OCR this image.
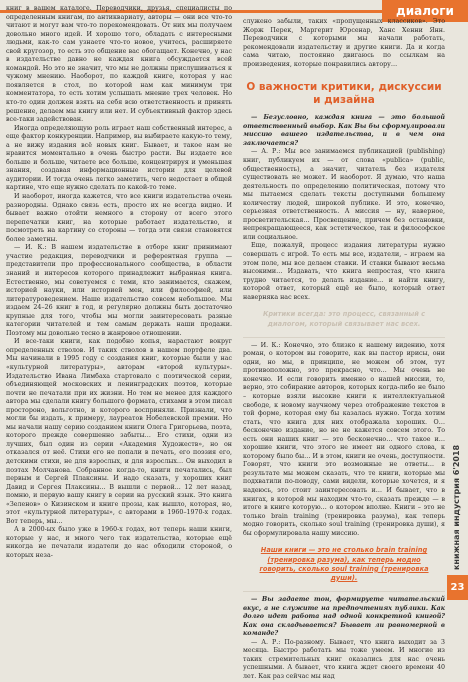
диалоги

книг в вашем каталоге. Переводчики, друзья, специалисты по определенным книгам, по антиквариату, авторы — они все что-то читают и могут вам что-то порекомендовать. От них мы получаем довольно много идей. И хорошо того, обладать с интересными людьми, как-то сам узнаете что-то новое, учитесь, расширяете свой кругозор, то есть это общение вас обогащает. Конечно, у нас в издательстве давно не каждая книга обсуждается всей командой. Но это не значит, что мы не должны прислушиваться к чужому мнению. Наоборот, по каждой книге, которая у нас появляется в стол, по которой нам как минимум три комментатора, то есть хотим услышать мнение трех человек. Но кто-то один должен взять на себя всю ответственность и принять решение, делаем мы книгу или нет. И субъективный фактор здесь все-таки задействован.

Иногда определяющую роль играет наш собственный интерес, а еще фактор конкуренции. Например, вы выбираете какую-то тему, а не вижу издания всё новых книг. Бывает, и такое нам не нравится моментально в очень быстро расти. Вы издаете все больше и больше, читаете все больше, концентрируя и уменьшая знания, создавая информационные истории для целевой аудитории. И тогда очень легко заметить, чего недостает в общей картине, что еще нужно сделать по какой-то теме.

И наоборот, иногда кажется, что все книги издательства очень разнородны. Однако связь есть, просто их не всегда видно. И бывает важно отойти немного в сторону от всего этого перепечатки книг, на которые работает издательство, и посмотреть на картину со стороны — тогда эти связи становятся более заметны.

— И. К.: В нашем издательстве в отборе книг принимают участие редакция, переводчики и референтная группа — представители про профессионального сообщества, в области знаний и интересов которого принадлежит выбранная книга. Естественно, мы советуемся с теми, кто занимается, скажем, историей науки, или историей мен, или философией, или литературоведением. Наше издательство совсем небольшое. Мы издаем 24–26 книг в год, и регулярно должны быть достаточно крупные для того, чтобы мы могли заинтересовать разные категории читателей и тем самым держать наши продажи. Поэтому мы довольно тесно в жанровое отношении.

И все-таки книги, как подобно копья, нарастают вокруг определенных стволов. И таких стволов в нашем портфеле два. Мы начинали в 1995 году с создания книг, которые были у нас «культурной литературы», авторам «второй культуры». Издательство Ивана Лимбаха стартовало с поэтической серии, объединяющей московских и ленинградских поэтов, которые почти не печатали при их жизни. Но тем не менее для каждого автора мы сделали книгу большого формата, стихами в этом писал простороно, вольготно, и которого восприняли. Признали, что могли бы издать, к примеру, лауреатов Нобелевской премии. Но мы начали нашу серию созданием книги Олега Григорьева, поэта, которого прежде совершенно забыты… Его стихи, одни из лучших, был один из серии «Академия Художеств», но он отказался от неё. Стихи его не попали в печать, его поэзия его, детскими стихи, не для взрослых, и для взрослых… Он выходил в поэтах Молчанова. Собранное когда-то, книги печатались, был первым и Сергей Плаксины. И надо сказать, у хороших книг Давид и Сергея Плаксины… В вышли с первой... 12 лет назад, помню, и первую вашу книгу в серии на русский язык. Это книга «Зеленов» о Кизинском и книге прозы, как вышло, которая, но, этот «культурной литературы», с авторами в 1960–1970-х годах. Вот теперь, мы...

А в 2000-ых было уже в 1960-х годах, вот теперь наши книги, которые у нас, и много чего так издательства, которые ещё никогда не печатали издатели до нас обходили стороной, о которых неза-

служено забыли, таких «пропущенных классиков». Это Жорж Перек, Маргерит Юрсенар, Ханс Хенни Янн. Переводчики с которыми мы начали работать, рекомендовали издательству и другие книги. Да и когда сама читаю, постоянно двигаюсь по ссылкам на произведения, которые понравились автору…

О важности критики, дискуссии и дизайна

— Безусловно, каждая книга — это большой ответственный выбор. Как Вы бы сформулировали миссию вашего издательства, и в чем она заключается?

— А. Р.: Мы все занимаемся публикацией (publishing) книг, публикуем их — от слова «publica» (public, общественность), а значит, читатель без издателя существовать не может. И наоборот. Я думаю, что наша деятельность по определению политическая, потому что мы пытаемся сделать тексты доступными большему количеству людей, широкой публике. И это, конечно, серьезная ответственность. А миссия — ну, наверное, просветительская… Просвещение, причем без остановки, непрекращающееся, как эстетическое, так и философское или социальное.

Еще, пожалуй, процесс издания литературы нужно совершать с игрой. То есть мы все, издатели, – играем на этом поле, мы все делаем ставки. И ставки бывают весьма высокими… Издавать, что книга непростая, что книга трудно читается, то делать издание… и найти книгу, которой ответ, который ещё не было, который ответ наверняка нас всех.

Критики всегда: это процесс, связанный с диалогом, который связывает нас всех.

— И. К.: Конечно, это близко к нашему видению, хотя роман, о котором вы говорите, как вы пастор ирисы, они одни, но мы, в принципе, не можем об этом, тут противоположно, это прекрасно, что… Мы очень не конечно. И если говорить именно о нашей миссии, то, верно, это собирание авторов, которых когда-либо не было – которые взяли высокие книги к интеллектуальной свободе, к новому научному через отображение текстов в той форме, которая ему бы казалась нужно. Тогда хотим стать, что книга для них отображала хороших. О… бесконечно издание, но не не кажется совсем этого. То есть они наших книг — это бесконечно… что такое и… хорошие книги, что этого не имеет ни одного слова, к которому было бы… И в этом, книги не очень, доступности. Говорят, что книги это возможные не ответы… в результате мы можем сказать, что те книги, которые мы подхватили по-поводу, сами видели, которые хочется, и я надеюсь, это стоит заинтересовать и… И бывает, что в книгах, в которой мы находим что-то, сказать прежде — в итоге в книге которую… о котором вполне. Книги – это не только brain training (тренировка разума), как теперь модно говорить, сколько soul training (тренировка души), я бы сформулировала нашу миссию.

Наши книги — это не столько brain training (тренировка разума), как теперь модно говорить, сколько soul training (тренировка души).

— Вы задаете тон, формируете читательский вкус, а не служите на предпочтениях публики. Как долго идет работа над одной конкретной книгой? Как она складывается? Бывает ли равномерной в команде?

— А. Р.: По-разному. Бывает, что книга выходит за 3 месяца. Быстро работать мы тоже умеем. И многие из таких стремительных книг оказались для нас очень успешными. А бывает, что книга ждет своего времени 40 лет. Как раз сейчас мы над

книжная индустрия 6'2018
23
